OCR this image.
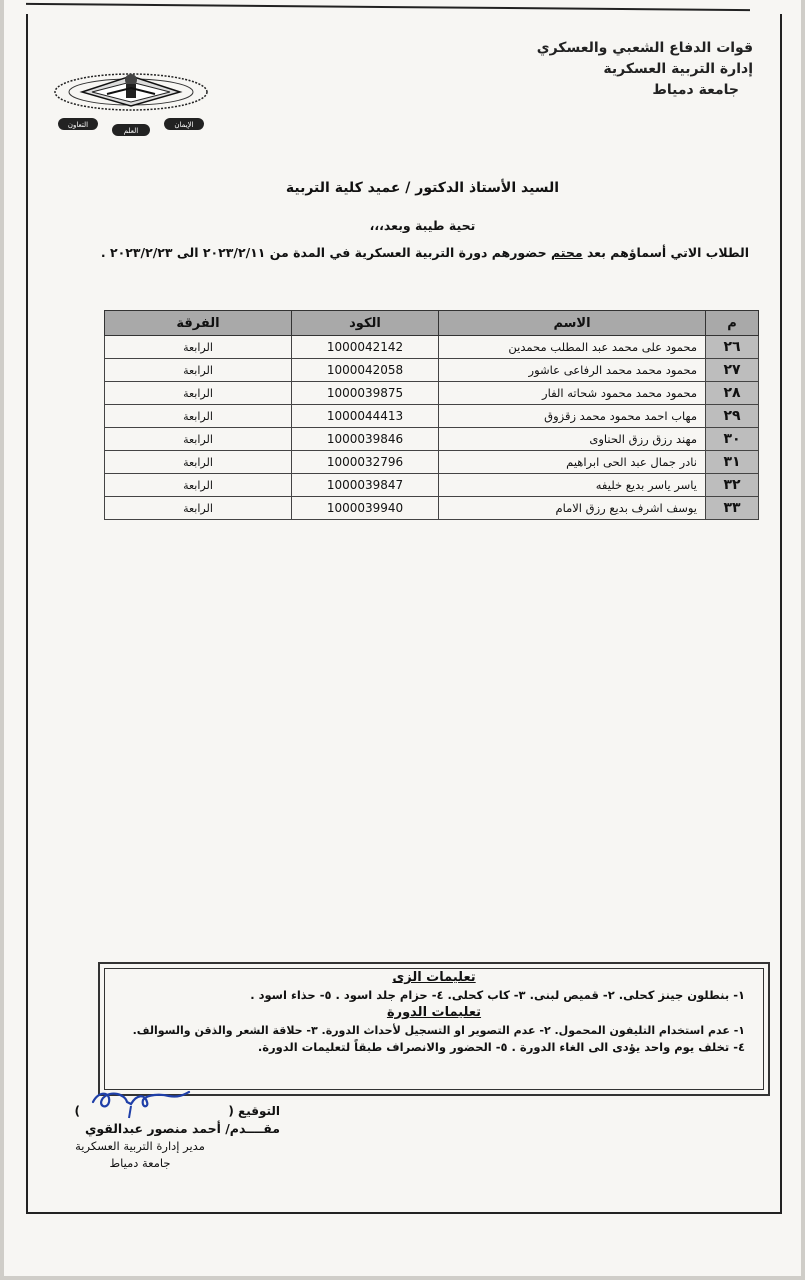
قوات الدفاع الشعبي والعسكري
إدارة التربية العسكرية
جامعة دمياط
الإيمان
العلم
التعاون
السيد الأستاذ الدكتور / عميد كلية التربية
تحية طيبة وبعد،،،
الطلاب الاتي أسماؤهم بعد محتم حضورهم دورة التربية العسكرية في المدة من ٢٠٢٣/٢/١١ الى ٢٠٢٣/٢/٢٣ .
م	الاسم	الكود	الفرقة
٢٦	محمود على محمد عبد المطلب محمدين	1000042142	الرابعة
٢٧	محمود محمد محمد الرفاعى عاشور	1000042058	الرابعة
٢٨	محمود محمد محمود شحاته الفار	1000039875	الرابعة
٢٩	مهاب احمد محمود محمد زقزوق	1000044413	الرابعة
٣٠	مهند رزق رزق الحناوى	1000039846	الرابعة
٣١	نادر جمال عبد الحى ابراهيم	1000032796	الرابعة
٣٢	ياسر ياسر بديع خليفه	1000039847	الرابعة
٣٣	يوسف اشرف بديع رزق الامام	1000039940	الرابعة
تعليمات الزى
١- بنطلون جينز كحلى. ٢- قميص لبنى. ٣- كاب كحلى. ٤- حزام جلد اسود . ٥- حذاء اسود .
تعليمات الدورة
١- عدم استخدام التليفون المحمول. ٢- عدم التصوير او التسجيل لأحداث الدورة. ٣- حلاقة الشعر والذقن والسوالف.
٤- تخلف يوم واحد يؤدى الى الغاء الدورة . ٥- الحضور والانصراف طبقاً لتعليمات الدورة.
التوقيع (  )
مقــــدم/ أحمد منصور عبدالقوي
مدير إدارة التربية العسكرية
جامعة دمياط
